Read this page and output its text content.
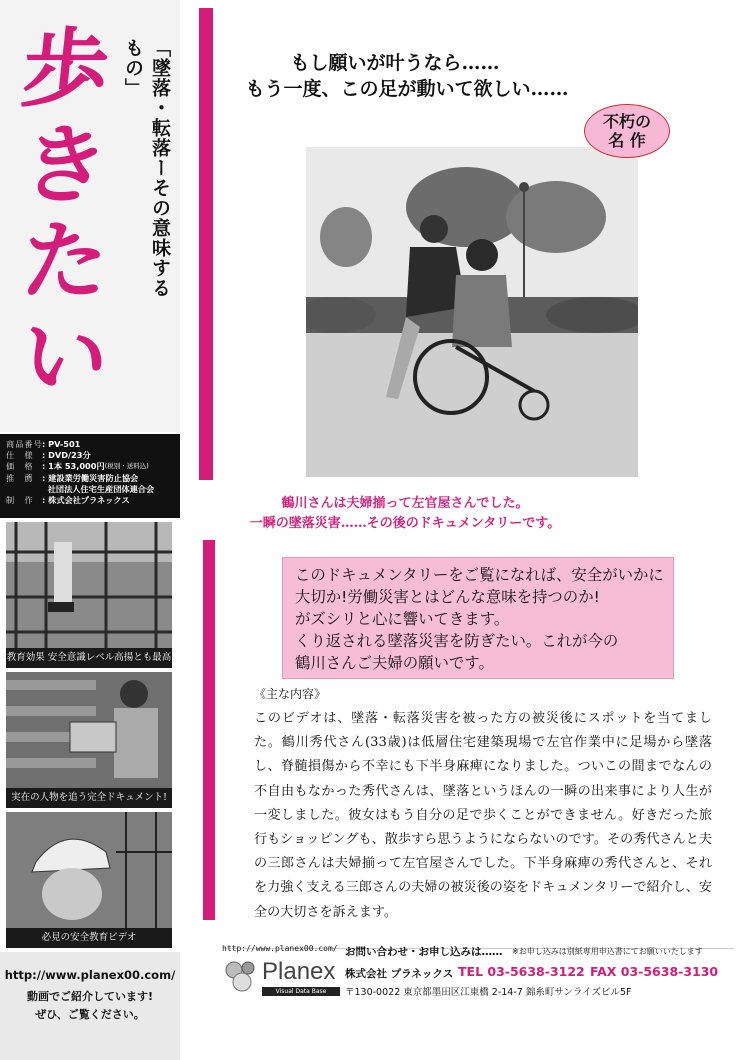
歩
き
た
い
「墜落・転落ーその意味するもの」
商品番号 : PV-501
仕　様	: DVD/23分
価　格	: 1本 53,000円 (税別・送料込)
推　薦	: 建設業労働災害防止協会

社団法人住宅生産団体連合会
制　作	: 株式会社プラネックス
教育効果 安全意識レベル高揚とも最高
実在の人物を追う完全ドキュメント!
必見の安全教育ビデオ
http://www.planex00.com/
動画でご紹介しています!
ぜひ、ご覧ください。
もし願いが叶うなら……
もう一度、この足が動いて欲しい……
不朽の
名 作
鶴川さんは夫婦揃って左官屋さんでした。
一瞬の墜落災害……その後のドキュメンタリーです。

このドキュメンタリーをご覧になれば、安全がいかに

大切か!労働災害とはどんな意味を持つのか!

がズシリと心に響いてきます。

くり返される墜落災害を防ぎたい。これが今の

鶴川さんご夫婦の願いです。

《主な内容》
このビデオは、墜落・転落災害を被った方の被災後にスポットを当てました。鶴川秀代さん(33歳)は低層住宅建築現場で左官作業中に足場から墜落し、脊髄損傷から不幸にも下半身麻痺になりました。ついこの間までなんの不自由もなかった秀代さんは、墜落というほんの一瞬の出来事により人生が一変しました。彼女はもう自分の足で歩くことができません。好きだった旅行もショッピングも、散歩すら思うようにならないのです。その秀代さんと夫の三郎さんは夫婦揃って左官屋さんでした。下半身麻痺の秀代さんと、それを力強く支える三郎さんの夫婦の被災後の姿をドキュメンタリーで紹介し、安全の大切さを訴えます。
http://www.planex00.com/ お問い合わせ・お申し込みは…… ※お申し込みは別紙専用申込書にてお願いいたします
Planex
Visual Data Base
株式会社 プラネックス TEL 03-5638-3122 FAX 03-5638-3130
〒130-0022 東京都墨田区江東橋 2-14-7 錦糸町サンライズビル5F
